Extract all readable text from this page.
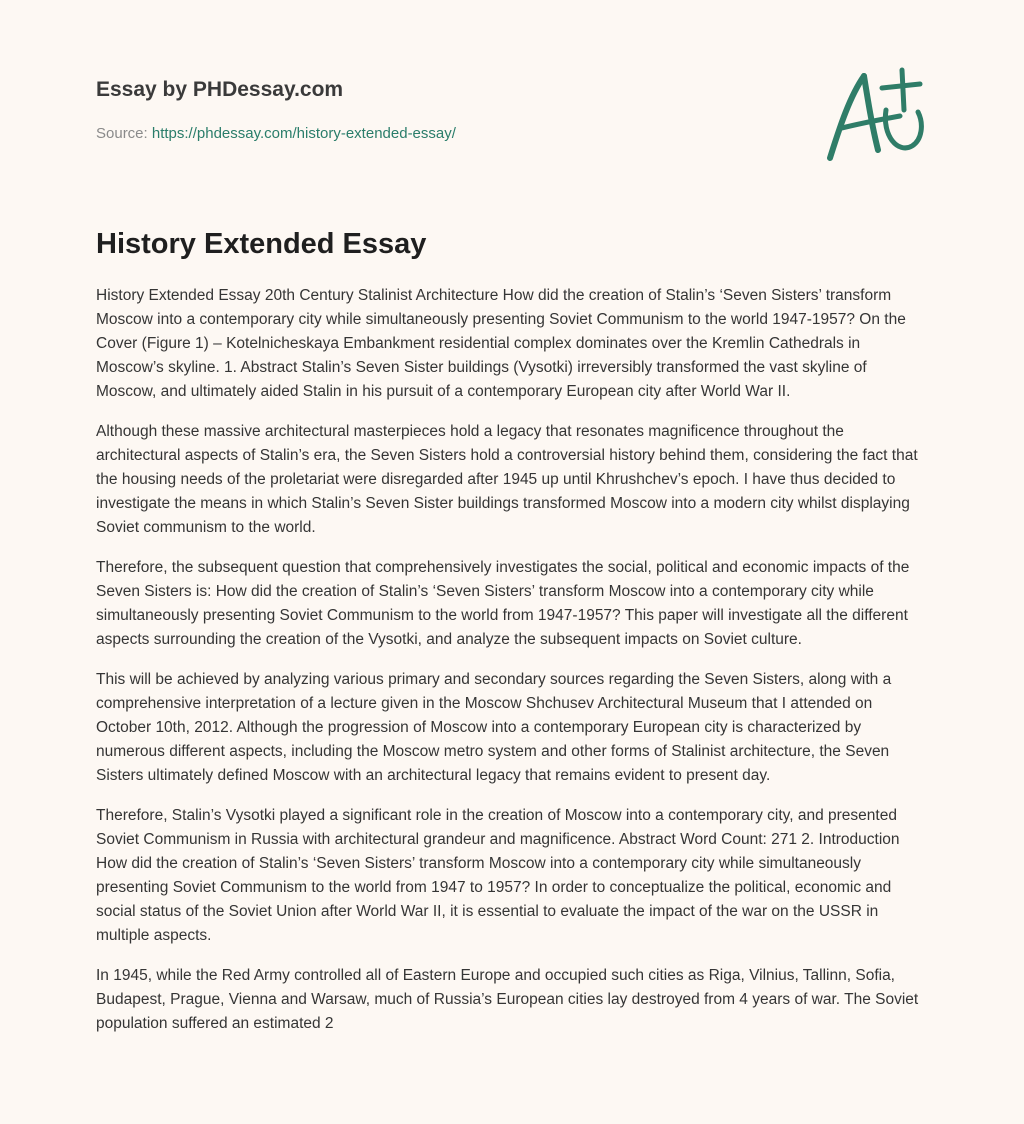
Essay by PHDessay.com
Source: https://phdessay.com/history-extended-essay/
History Extended Essay

History Extended Essay 20th Century Stalinist Architecture How did the creation of Stalin’s ‘Seven Sisters’ transform Moscow into a contemporary city while simultaneously presenting Soviet Communism to the world 1947-1957? On the Cover (Figure 1) – Kotelnicheskaya Embankment residential complex dominates over the Kremlin Cathedrals in Moscow’s skyline. 1. Abstract Stalin’s Seven Sister buildings (Vysotki) irreversibly transformed the vast skyline of Moscow, and ultimately aided Stalin in his pursuit of a contemporary European city after World War II.

Although these massive architectural masterpieces hold a legacy that resonates magnificence throughout the architectural aspects of Stalin’s era, the Seven Sisters hold a controversial history behind them, considering the fact that the housing needs of the proletariat were disregarded after 1945 up until Khrushchev’s epoch. I have thus decided to investigate the means in which Stalin’s Seven Sister buildings transformed Moscow into a modern city whilst displaying Soviet communism to the world.

Therefore, the subsequent question that comprehensively investigates the social, political and economic impacts of the Seven Sisters is: How did the creation of Stalin’s ‘Seven Sisters’ transform Moscow into a contemporary city while simultaneously presenting Soviet Communism to the world from 1947-1957? This paper will investigate all the different aspects surrounding the creation of the Vysotki, and analyze the subsequent impacts on Soviet culture.

This will be achieved by analyzing various primary and secondary sources regarding the Seven Sisters, along with a comprehensive interpretation of a lecture given in the Moscow Shchusev Architectural Museum that I attended on October 10th, 2012. Although the progression of Moscow into a contemporary European city is characterized by numerous different aspects, including the Moscow metro system and other forms of Stalinist architecture, the Seven Sisters ultimately defined Moscow with an architectural legacy that remains evident to present day.

Therefore, Stalin’s Vysotki played a significant role in the creation of Moscow into a contemporary city, and presented Soviet Communism in Russia with architectural grandeur and magnificence. Abstract Word Count: 271 2. Introduction How did the creation of Stalin’s ‘Seven Sisters’ transform Moscow into a contemporary city while simultaneously presenting Soviet Communism to the world from 1947 to 1957? In order to conceptualize the political, economic and social status of the Soviet Union after World War II, it is essential to evaluate the impact of the war on the USSR in multiple aspects.

In 1945, while the Red Army controlled all of Eastern Europe and occupied such cities as Riga, Vilnius, Tallinn, Sofia, Budapest, Prague, Vienna and Warsaw, much of Russia’s European cities lay destroyed from 4 years of war. The Soviet population suffered an estimated 2
